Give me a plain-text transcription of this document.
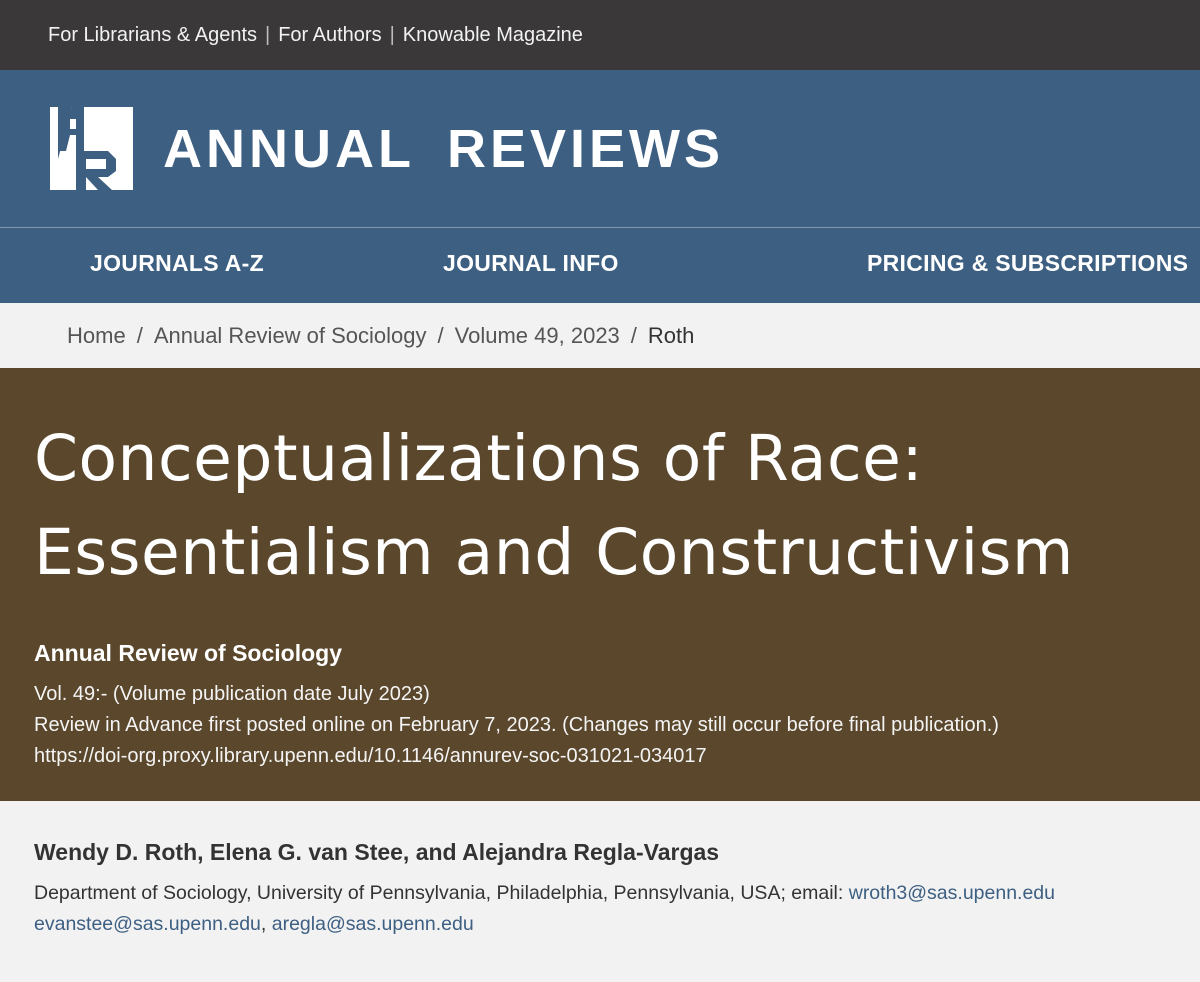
For Librarians & Agents | For Authors | Knowable Magazine
ANNUAL REVIEWS
JOURNALS A-Z	JOURNAL INFO	PRICING & SUBSCRIPTIONS
Home / Annual Review of Sociology / Volume 49, 2023 / Roth
Conceptualizations of Race:
Essentialism and Constructivism
Annual Review of Sociology
Vol. 49:- (Volume publication date July 2023)
Review in Advance first posted online on February 7, 2023. (Changes may still occur before final publication.)
https://doi-org.proxy.library.upenn.edu/10.1146/annurev-soc-031021-034017
Wendy D. Roth, Elena G. van Stee, and Alejandra Regla-Vargas
Department of Sociology, University of Pennsylvania, Philadelphia, Pennsylvania, USA; email: wroth3@sas.upenn.edu
evanstee@sas.upenn.edu, aregla@sas.upenn.edu
